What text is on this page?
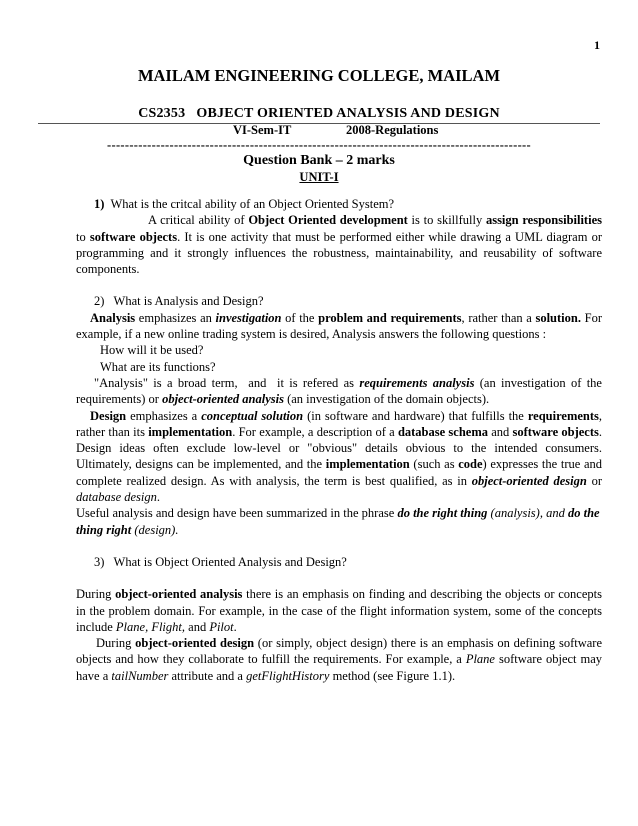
1
MAILAM ENGINEERING COLLEGE, MAILAM
CS2353   OBJECT ORIENTED ANALYSIS AND DESIGN
VI-Sem-IT	2008-Regulations
-----------------------------------------------------------------------------------------------
Question Bank – 2 marks
UNIT-I

1) What is the critcal ability of an Object Oriented System?

A critical ability of Object Oriented development is to skillfully assign responsibilities to software objects. It is one activity that must be performed either while drawing a UML diagram or programming and it strongly influences the robustness, maintainability, and reusability of software components.

2)   What is Analysis and Design?

Analysis emphasizes an investigation of the problem and requirements, rather than a solution. For example, if a new online trading system is desired, Analysis answers the following questions :

How will it be used?

What are its functions?

"Analysis" is a broad term,  and  it is refered as requirements analysis (an investigation of the requirements) or object-oriented analysis (an investigation of the domain objects).

Design emphasizes a conceptual solution (in software and hardware) that fulfills the requirements, rather than its implementation. For example, a description of a database schema and software objects. Design ideas often exclude low-level or "obvious" details obvious to the intended consumers. Ultimately, designs can be implemented, and the implementation (such as code) expresses the true and complete realized design. As with analysis, the term is best qualified, as in object-oriented design or database design.

Useful analysis and design have been summarized in the phrase do the right thing (analysis), and do the thing right (design).

3)   What is Object Oriented Analysis and Design?

During object-oriented analysis there is an emphasis on finding and describing the objects or concepts in the problem domain. For example, in the case of the flight information system, some of the concepts include Plane, Flight, and Pilot.

During object-oriented design (or simply, object design) there is an emphasis on defining software objects and how they collaborate to fulfill the requirements. For example, a Plane software object may have a tailNumber attribute and a getFlightHistory method (see Figure 1.1).
